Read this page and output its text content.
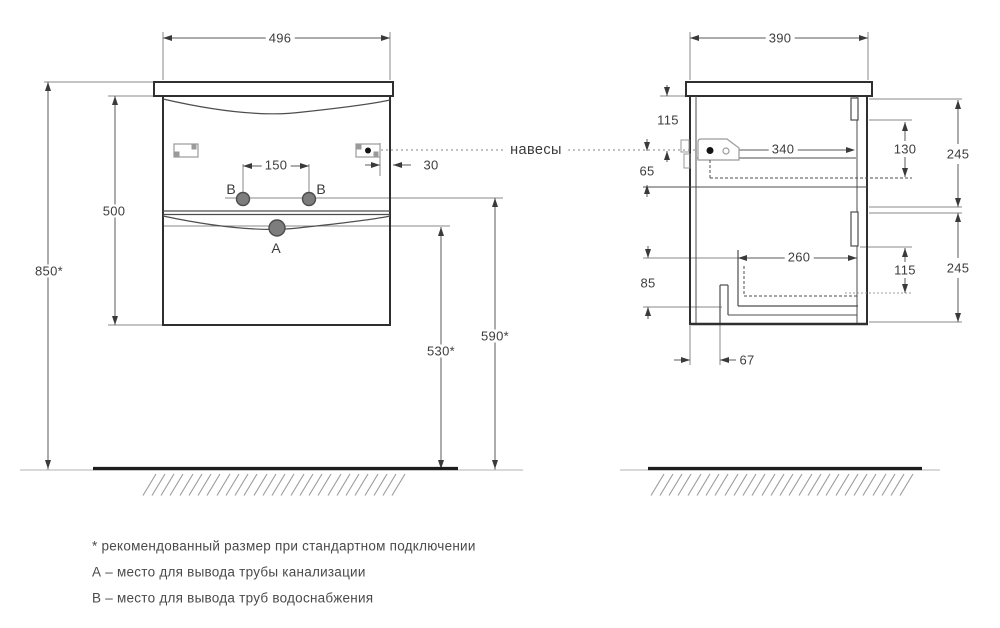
496
850*
500
150	30
530*
590*
В	В
А
навесы
390
115
65
340	130 245
115 245
260
85
67
* рекомендованный размер при стандартном подключении
А – место для вывода трубы канализации
В – место для вывода труб водоснабжения
